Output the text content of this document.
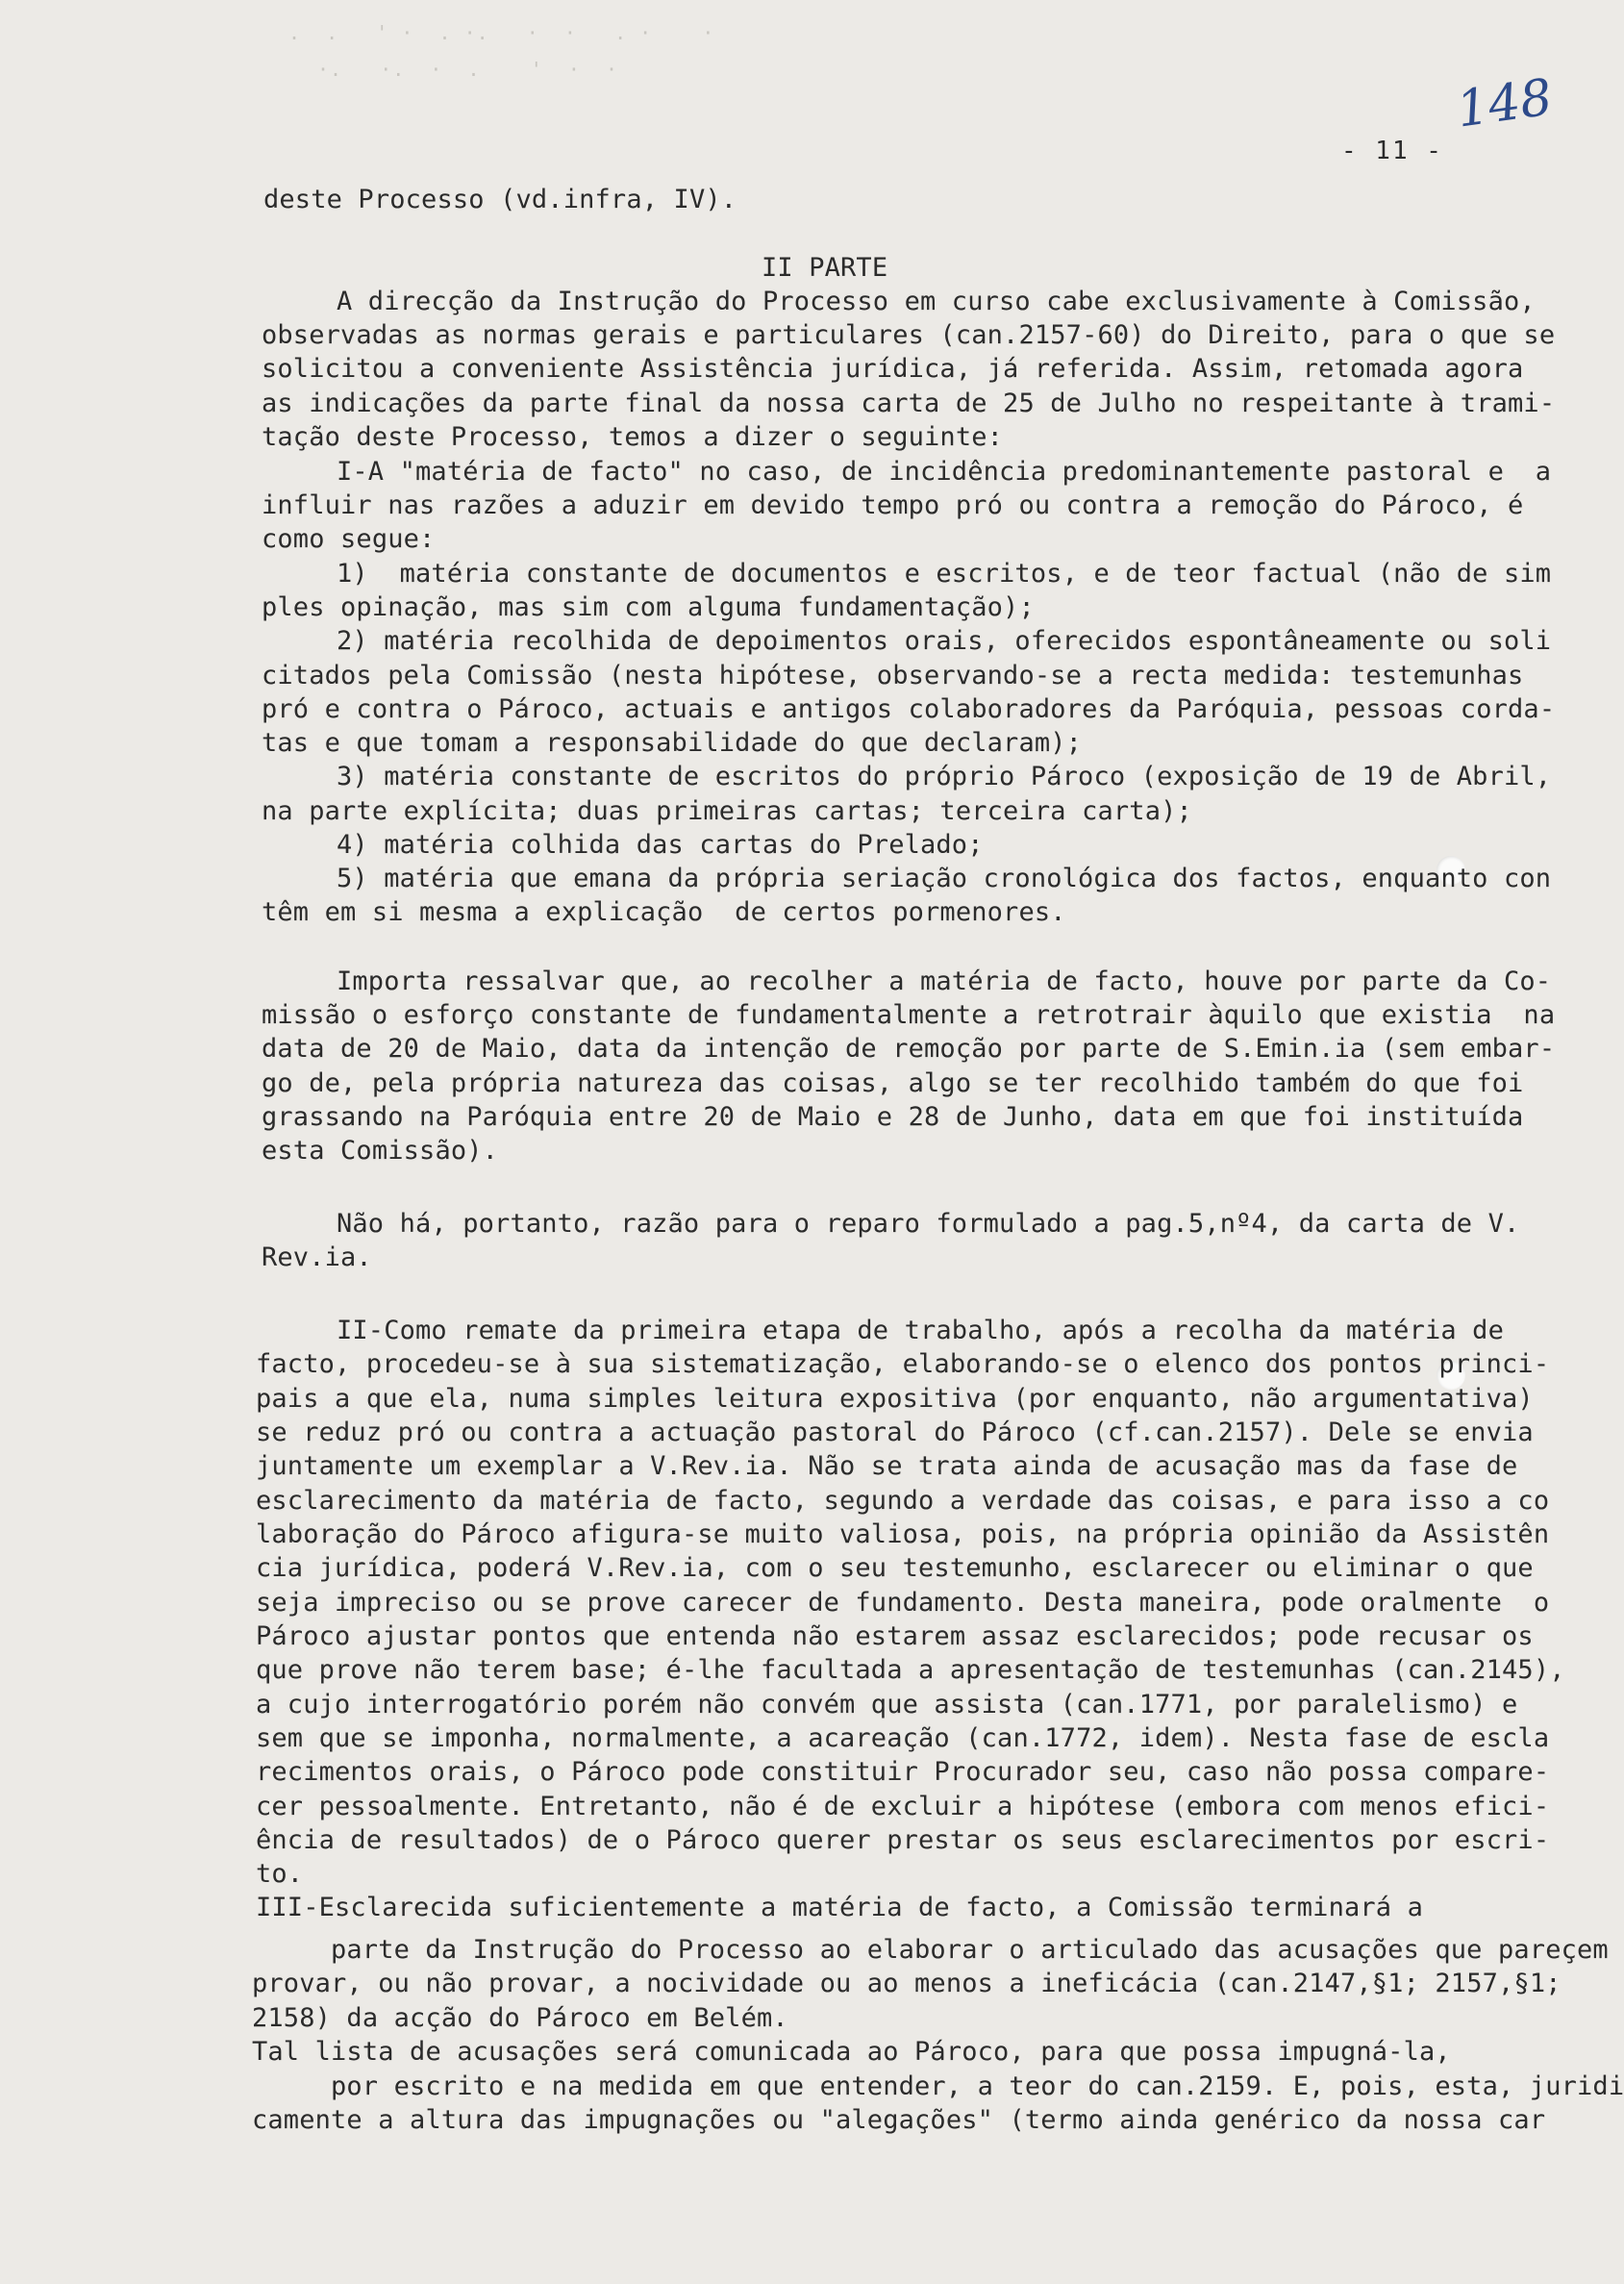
.  .   ' ·  . ·.   ·  ·   . ·    ·
·.   ·.  ·  .    '  ·  ·	148
- 11 -
deste Processo (vd.infra, IV).
II PARTE
A direcção da Instrução do Processo em curso cabe exclusivamente à Comissão,
observadas as normas gerais e particulares (can.2157-60) do Direito, para o que se
solicitou a conveniente Assistência jurídica, já referida. Assim, retomada agora
as indicações da parte final da nossa carta de 25 de Julho no respeitante à trami-
tação deste Processo, temos a dizer o seguinte:
I-A "matéria de facto" no caso, de incidência predominantemente pastoral e  a
influir nas razões a aduzir em devido tempo pró ou contra a remoção do Pároco, é
como segue:
1)  matéria constante de documentos e escritos, e de teor factual (não de sim
ples opinação, mas sim com alguma fundamentação);
2) matéria recolhida de depoimentos orais, oferecidos espontâneamente ou soli
citados pela Comissão (nesta hipótese, observando-se a recta medida: testemunhas
pró e contra o Pároco, actuais e antigos colaboradores da Paróquia, pessoas corda-
tas e que tomam a responsabilidade do que declaram);
3) matéria constante de escritos do próprio Pároco (exposição de 19 de Abril,
na parte explícita; duas primeiras cartas; terceira carta);
4) matéria colhida das cartas do Prelado;
5) matéria que emana da própria seriação cronológica dos factos, enquanto con
têm em si mesma a explicação  de certos pormenores.
Importa ressalvar que, ao recolher a matéria de facto, houve por parte da Co-
missão o esforço constante de fundamentalmente a retrotrair àquilo que existia  na
data de 20 de Maio, data da intenção de remoção por parte de S.Emin.ia (sem embar-
go de, pela própria natureza das coisas, algo se ter recolhido também do que foi
grassando na Paróquia entre 20 de Maio e 28 de Junho, data em que foi instituída
esta Comissão).
Não há, portanto, razão para o reparo formulado a pag.5,nº4, da carta de V.
Rev.ia.
II-Como remate da primeira etapa de trabalho, após a recolha da matéria de
facto, procedeu-se à sua sistematização, elaborando-se o elenco dos pontos princi-
pais a que ela, numa simples leitura expositiva (por enquanto, não argumentativa)
se reduz pró ou contra a actuação pastoral do Pároco (cf.can.2157). Dele se envia
juntamente um exemplar a V.Rev.ia. Não se trata ainda de acusação mas da fase de
esclarecimento da matéria de facto, segundo a verdade das coisas, e para isso a co
laboração do Pároco afigura-se muito valiosa, pois, na própria opinião da Assistên
cia jurídica, poderá V.Rev.ia, com o seu testemunho, esclarecer ou eliminar o que
seja impreciso ou se prove carecer de fundamento. Desta maneira, pode oralmente  o
Pároco ajustar pontos que entenda não estarem assaz esclarecidos; pode recusar os
que prove não terem base; é-lhe facultada a apresentação de testemunhas (can.2145),
a cujo interrogatório porém não convém que assista (can.1771, por paralelismo) e
sem que se imponha, normalmente, a acareação (can.1772, idem). Nesta fase de escla
recimentos orais, o Pároco pode constituir Procurador seu, caso não possa compare-
cer pessoalmente. Entretanto, não é de excluir a hipótese (embora com menos efici-
ência de resultados) de o Pároco querer prestar os seus esclarecimentos por escri-
to.
III-Esclarecida suficientemente a matéria de facto, a Comissão terminará a
parte da Instrução do Processo ao elaborar o articulado das acusações que pareçem
provar, ou não provar, a nocividade ou ao menos a ineficácia (can.2147,§1; 2157,§1;
2158) da acção do Pároco em Belém.
Tal lista de acusações será comunicada ao Pároco, para que possa impugná-la,
por escrito e na medida em que entender, a teor do can.2159. E, pois, esta, juridi
camente a altura das impugnações ou "alegações" (termo ainda genérico da nossa car
